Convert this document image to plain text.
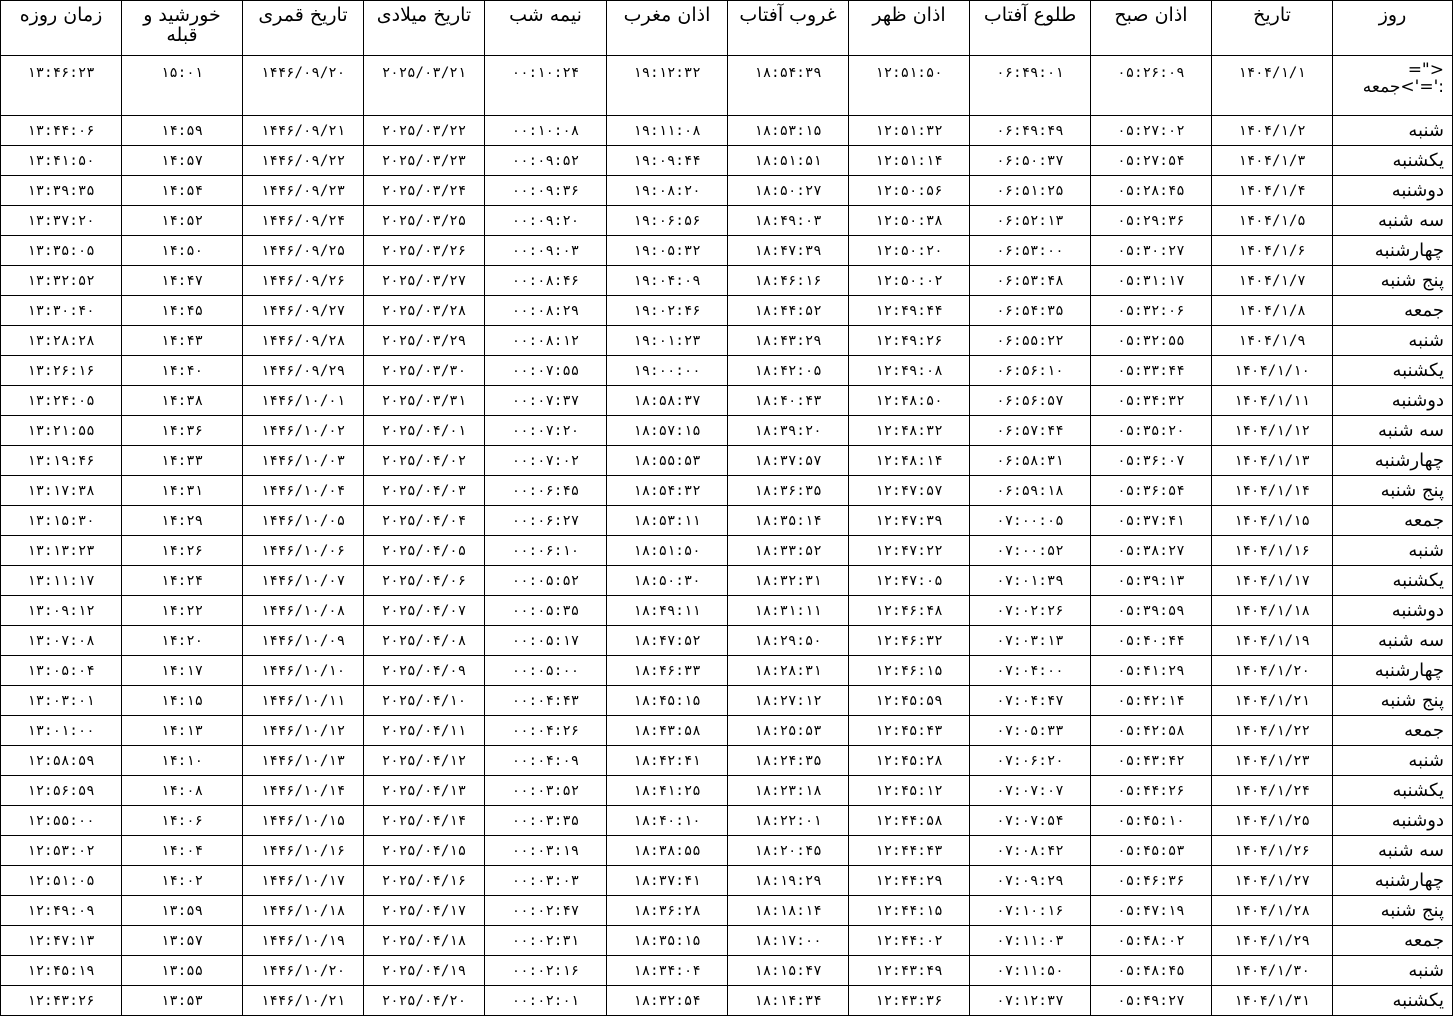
روز	تاریخ	اذان صبح	طلوع آفتاب	اذان ظهر	غروب آفتاب	اذان مغرب	نیمه شب	تاریخ میلادی	تاریخ قمری	خورشید و قبله	زمان روزه
<"= :'='>جمعه	۱۴۰۴/۱/۱	۰۵:۲۶:۰۹	۰۶:۴۹:۰۱	۱۲:۵۱:۵۰	۱۸:۵۴:۳۹	۱۹:۱۲:۳۲	۰۰:۱۰:۲۴	۲۰۲۵/۰۳/۲۱	۱۴۴۶/۰۹/۲۰	۱۵:۰۱	۱۳:۴۶:۲۳
شنبه	۱۴۰۴/۱/۲	۰۵:۲۷:۰۲	۰۶:۴۹:۴۹	۱۲:۵۱:۳۲	۱۸:۵۳:۱۵	۱۹:۱۱:۰۸	۰۰:۱۰:۰۸	۲۰۲۵/۰۳/۲۲	۱۴۴۶/۰۹/۲۱	۱۴:۵۹	۱۳:۴۴:۰۶
یکشنبه	۱۴۰۴/۱/۳	۰۵:۲۷:۵۴	۰۶:۵۰:۳۷	۱۲:۵۱:۱۴	۱۸:۵۱:۵۱	۱۹:۰۹:۴۴	۰۰:۰۹:۵۲	۲۰۲۵/۰۳/۲۳	۱۴۴۶/۰۹/۲۲	۱۴:۵۷	۱۳:۴۱:۵۰
دوشنبه	۱۴۰۴/۱/۴	۰۵:۲۸:۴۵	۰۶:۵۱:۲۵	۱۲:۵۰:۵۶	۱۸:۵۰:۲۷	۱۹:۰۸:۲۰	۰۰:۰۹:۳۶	۲۰۲۵/۰۳/۲۴	۱۴۴۶/۰۹/۲۳	۱۴:۵۴	۱۳:۳۹:۳۵
سه شنبه	۱۴۰۴/۱/۵	۰۵:۲۹:۳۶	۰۶:۵۲:۱۳	۱۲:۵۰:۳۸	۱۸:۴۹:۰۳	۱۹:۰۶:۵۶	۰۰:۰۹:۲۰	۲۰۲۵/۰۳/۲۵	۱۴۴۶/۰۹/۲۴	۱۴:۵۲	۱۳:۳۷:۲۰
چهارشنبه	۱۴۰۴/۱/۶	۰۵:۳۰:۲۷	۰۶:۵۳:۰۰	۱۲:۵۰:۲۰	۱۸:۴۷:۳۹	۱۹:۰۵:۳۲	۰۰:۰۹:۰۳	۲۰۲۵/۰۳/۲۶	۱۴۴۶/۰۹/۲۵	۱۴:۵۰	۱۳:۳۵:۰۵
پنج شنبه	۱۴۰۴/۱/۷	۰۵:۳۱:۱۷	۰۶:۵۳:۴۸	۱۲:۵۰:۰۲	۱۸:۴۶:۱۶	۱۹:۰۴:۰۹	۰۰:۰۸:۴۶	۲۰۲۵/۰۳/۲۷	۱۴۴۶/۰۹/۲۶	۱۴:۴۷	۱۳:۳۲:۵۲
جمعه	۱۴۰۴/۱/۸	۰۵:۳۲:۰۶	۰۶:۵۴:۳۵	۱۲:۴۹:۴۴	۱۸:۴۴:۵۲	۱۹:۰۲:۴۶	۰۰:۰۸:۲۹	۲۰۲۵/۰۳/۲۸	۱۴۴۶/۰۹/۲۷	۱۴:۴۵	۱۳:۳۰:۴۰
شنبه	۱۴۰۴/۱/۹	۰۵:۳۲:۵۵	۰۶:۵۵:۲۲	۱۲:۴۹:۲۶	۱۸:۴۳:۲۹	۱۹:۰۱:۲۳	۰۰:۰۸:۱۲	۲۰۲۵/۰۳/۲۹	۱۴۴۶/۰۹/۲۸	۱۴:۴۳	۱۳:۲۸:۲۸
یکشنبه	۱۴۰۴/۱/۱۰	۰۵:۳۳:۴۴	۰۶:۵۶:۱۰	۱۲:۴۹:۰۸	۱۸:۴۲:۰۵	۱۹:۰۰:۰۰	۰۰:۰۷:۵۵	۲۰۲۵/۰۳/۳۰	۱۴۴۶/۰۹/۲۹	۱۴:۴۰	۱۳:۲۶:۱۶
دوشنبه	۱۴۰۴/۱/۱۱	۰۵:۳۴:۳۲	۰۶:۵۶:۵۷	۱۲:۴۸:۵۰	۱۸:۴۰:۴۳	۱۸:۵۸:۳۷	۰۰:۰۷:۳۷	۲۰۲۵/۰۳/۳۱	۱۴۴۶/۱۰/۰۱	۱۴:۳۸	۱۳:۲۴:۰۵
سه شنبه	۱۴۰۴/۱/۱۲	۰۵:۳۵:۲۰	۰۶:۵۷:۴۴	۱۲:۴۸:۳۲	۱۸:۳۹:۲۰	۱۸:۵۷:۱۵	۰۰:۰۷:۲۰	۲۰۲۵/۰۴/۰۱	۱۴۴۶/۱۰/۰۲	۱۴:۳۶	۱۳:۲۱:۵۵
چهارشنبه	۱۴۰۴/۱/۱۳	۰۵:۳۶:۰۷	۰۶:۵۸:۳۱	۱۲:۴۸:۱۴	۱۸:۳۷:۵۷	۱۸:۵۵:۵۳	۰۰:۰۷:۰۲	۲۰۲۵/۰۴/۰۲	۱۴۴۶/۱۰/۰۳	۱۴:۳۳	۱۳:۱۹:۴۶
پنج شنبه	۱۴۰۴/۱/۱۴	۰۵:۳۶:۵۴	۰۶:۵۹:۱۸	۱۲:۴۷:۵۷	۱۸:۳۶:۳۵	۱۸:۵۴:۳۲	۰۰:۰۶:۴۵	۲۰۲۵/۰۴/۰۳	۱۴۴۶/۱۰/۰۴	۱۴:۳۱	۱۳:۱۷:۳۸
جمعه	۱۴۰۴/۱/۱۵	۰۵:۳۷:۴۱	۰۷:۰۰:۰۵	۱۲:۴۷:۳۹	۱۸:۳۵:۱۴	۱۸:۵۳:۱۱	۰۰:۰۶:۲۷	۲۰۲۵/۰۴/۰۴	۱۴۴۶/۱۰/۰۵	۱۴:۲۹	۱۳:۱۵:۳۰
شنبه	۱۴۰۴/۱/۱۶	۰۵:۳۸:۲۷	۰۷:۰۰:۵۲	۱۲:۴۷:۲۲	۱۸:۳۳:۵۲	۱۸:۵۱:۵۰	۰۰:۰۶:۱۰	۲۰۲۵/۰۴/۰۵	۱۴۴۶/۱۰/۰۶	۱۴:۲۶	۱۳:۱۳:۲۳
یکشنبه	۱۴۰۴/۱/۱۷	۰۵:۳۹:۱۳	۰۷:۰۱:۳۹	۱۲:۴۷:۰۵	۱۸:۳۲:۳۱	۱۸:۵۰:۳۰	۰۰:۰۵:۵۲	۲۰۲۵/۰۴/۰۶	۱۴۴۶/۱۰/۰۷	۱۴:۲۴	۱۳:۱۱:۱۷
دوشنبه	۱۴۰۴/۱/۱۸	۰۵:۳۹:۵۹	۰۷:۰۲:۲۶	۱۲:۴۶:۴۸	۱۸:۳۱:۱۱	۱۸:۴۹:۱۱	۰۰:۰۵:۳۵	۲۰۲۵/۰۴/۰۷	۱۴۴۶/۱۰/۰۸	۱۴:۲۲	۱۳:۰۹:۱۲
سه شنبه	۱۴۰۴/۱/۱۹	۰۵:۴۰:۴۴	۰۷:۰۳:۱۳	۱۲:۴۶:۳۲	۱۸:۲۹:۵۰	۱۸:۴۷:۵۲	۰۰:۰۵:۱۷	۲۰۲۵/۰۴/۰۸	۱۴۴۶/۱۰/۰۹	۱۴:۲۰	۱۳:۰۷:۰۸
چهارشنبه	۱۴۰۴/۱/۲۰	۰۵:۴۱:۲۹	۰۷:۰۴:۰۰	۱۲:۴۶:۱۵	۱۸:۲۸:۳۱	۱۸:۴۶:۳۳	۰۰:۰۵:۰۰	۲۰۲۵/۰۴/۰۹	۱۴۴۶/۱۰/۱۰	۱۴:۱۷	۱۳:۰۵:۰۴
پنج شنبه	۱۴۰۴/۱/۲۱	۰۵:۴۲:۱۴	۰۷:۰۴:۴۷	۱۲:۴۵:۵۹	۱۸:۲۷:۱۲	۱۸:۴۵:۱۵	۰۰:۰۴:۴۳	۲۰۲۵/۰۴/۱۰	۱۴۴۶/۱۰/۱۱	۱۴:۱۵	۱۳:۰۳:۰۱
جمعه	۱۴۰۴/۱/۲۲	۰۵:۴۲:۵۸	۰۷:۰۵:۳۳	۱۲:۴۵:۴۳	۱۸:۲۵:۵۳	۱۸:۴۳:۵۸	۰۰:۰۴:۲۶	۲۰۲۵/۰۴/۱۱	۱۴۴۶/۱۰/۱۲	۱۴:۱۳	۱۳:۰۱:۰۰
شنبه	۱۴۰۴/۱/۲۳	۰۵:۴۳:۴۲	۰۷:۰۶:۲۰	۱۲:۴۵:۲۸	۱۸:۲۴:۳۵	۱۸:۴۲:۴۱	۰۰:۰۴:۰۹	۲۰۲۵/۰۴/۱۲	۱۴۴۶/۱۰/۱۳	۱۴:۱۰	۱۲:۵۸:۵۹
یکشنبه	۱۴۰۴/۱/۲۴	۰۵:۴۴:۲۶	۰۷:۰۷:۰۷	۱۲:۴۵:۱۲	۱۸:۲۳:۱۸	۱۸:۴۱:۲۵	۰۰:۰۳:۵۲	۲۰۲۵/۰۴/۱۳	۱۴۴۶/۱۰/۱۴	۱۴:۰۸	۱۲:۵۶:۵۹
دوشنبه	۱۴۰۴/۱/۲۵	۰۵:۴۵:۱۰	۰۷:۰۷:۵۴	۱۲:۴۴:۵۸	۱۸:۲۲:۰۱	۱۸:۴۰:۱۰	۰۰:۰۳:۳۵	۲۰۲۵/۰۴/۱۴	۱۴۴۶/۱۰/۱۵	۱۴:۰۶	۱۲:۵۵:۰۰
سه شنبه	۱۴۰۴/۱/۲۶	۰۵:۴۵:۵۳	۰۷:۰۸:۴۲	۱۲:۴۴:۴۳	۱۸:۲۰:۴۵	۱۸:۳۸:۵۵	۰۰:۰۳:۱۹	۲۰۲۵/۰۴/۱۵	۱۴۴۶/۱۰/۱۶	۱۴:۰۴	۱۲:۵۳:۰۲
چهارشنبه	۱۴۰۴/۱/۲۷	۰۵:۴۶:۳۶	۰۷:۰۹:۲۹	۱۲:۴۴:۲۹	۱۸:۱۹:۲۹	۱۸:۳۷:۴۱	۰۰:۰۳:۰۳	۲۰۲۵/۰۴/۱۶	۱۴۴۶/۱۰/۱۷	۱۴:۰۲	۱۲:۵۱:۰۵
پنج شنبه	۱۴۰۴/۱/۲۸	۰۵:۴۷:۱۹	۰۷:۱۰:۱۶	۱۲:۴۴:۱۵	۱۸:۱۸:۱۴	۱۸:۳۶:۲۸	۰۰:۰۲:۴۷	۲۰۲۵/۰۴/۱۷	۱۴۴۶/۱۰/۱۸	۱۳:۵۹	۱۲:۴۹:۰۹
جمعه	۱۴۰۴/۱/۲۹	۰۵:۴۸:۰۲	۰۷:۱۱:۰۳	۱۲:۴۴:۰۲	۱۸:۱۷:۰۰	۱۸:۳۵:۱۵	۰۰:۰۲:۳۱	۲۰۲۵/۰۴/۱۸	۱۴۴۶/۱۰/۱۹	۱۳:۵۷	۱۲:۴۷:۱۳
شنبه	۱۴۰۴/۱/۳۰	۰۵:۴۸:۴۵	۰۷:۱۱:۵۰	۱۲:۴۳:۴۹	۱۸:۱۵:۴۷	۱۸:۳۴:۰۴	۰۰:۰۲:۱۶	۲۰۲۵/۰۴/۱۹	۱۴۴۶/۱۰/۲۰	۱۳:۵۵	۱۲:۴۵:۱۹
یکشنبه	۱۴۰۴/۱/۳۱	۰۵:۴۹:۲۷	۰۷:۱۲:۳۷	۱۲:۴۳:۳۶	۱۸:۱۴:۳۴	۱۸:۳۲:۵۴	۰۰:۰۲:۰۱	۲۰۲۵/۰۴/۲۰	۱۴۴۶/۱۰/۲۱	۱۳:۵۳	۱۲:۴۳:۲۶
